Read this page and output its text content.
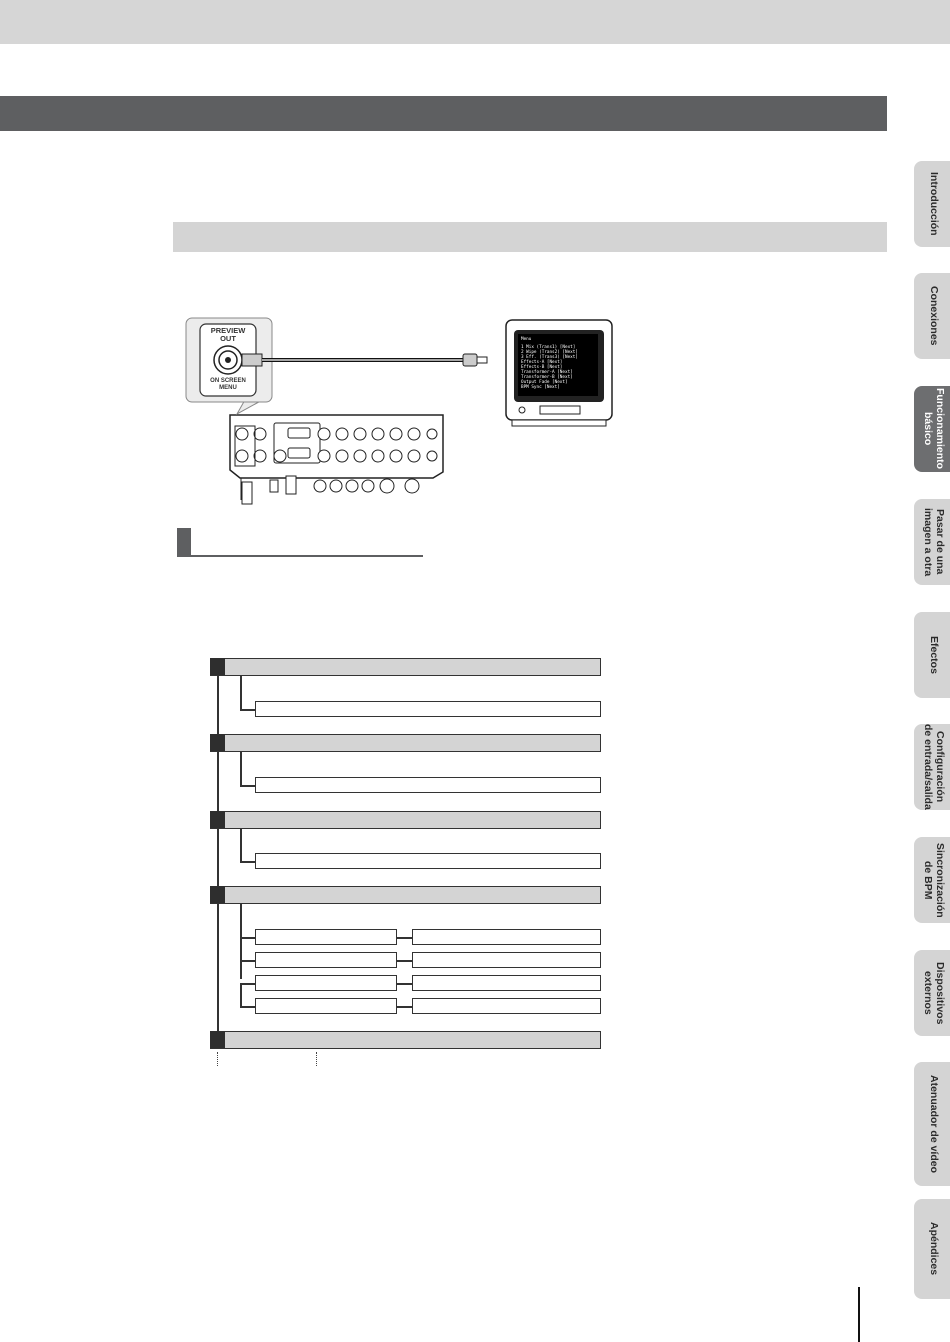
Menu
1 Mix (Trans1) [Next]
2 Wipe (Trans2) [Next]
3 Eff. (Trans3) [Next]
Effects-A [Next]
Effects-B [Next]
Transformer-A [Next]
Transformer-B [Next]
Output Fade [Next]
BPM Sync [Next]
PREVIEW
OUT
ON SCREEN
MENU
Introducción
Conexiones
Funcionamiento
básico
Pasar de una
imagen a otra
Efectos
Configuración
de entrada/salida
Sincronización
de BPM
Dispositivos
externos
Atenuador de vídeo
Apéndices
